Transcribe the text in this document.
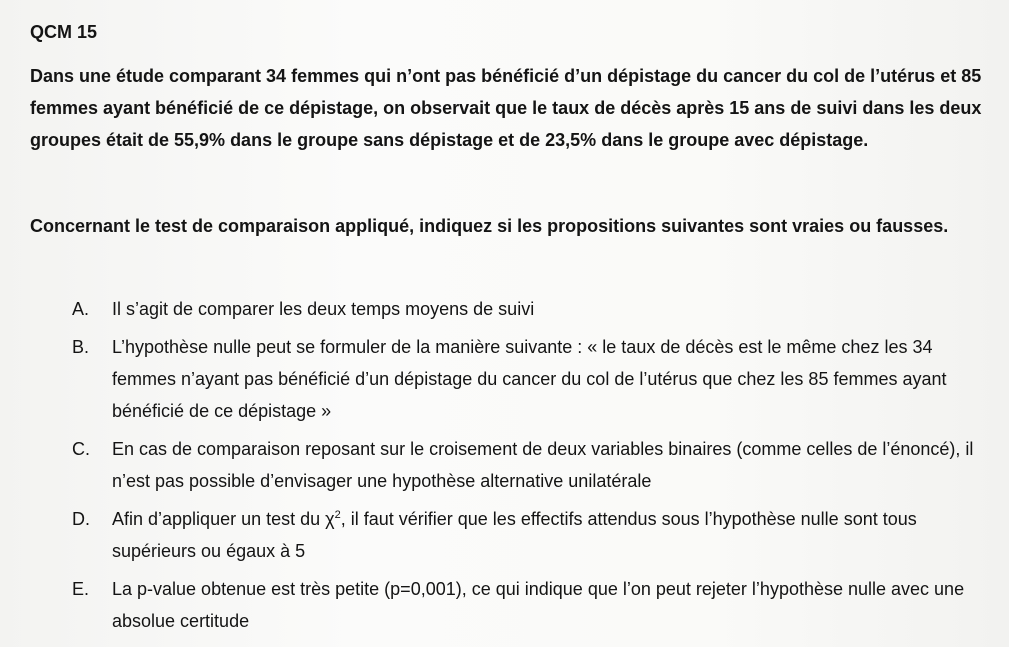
QCM 15

Dans une étude comparant 34 femmes qui n’ont pas bénéficié d’un dépistage du cancer du col de l’utérus et 85 femmes ayant bénéficié de ce dépistage, on observait que le taux de décès après 15 ans de suivi dans les deux groupes était de 55,9% dans le groupe sans dépistage et de 23,5% dans le groupe avec dépistage.

Concernant le test de comparaison appliqué, indiquez si les propositions suivantes sont vraies ou fausses.

A. Il s’agit de comparer les deux temps moyens de suivi
B. L’hypothèse nulle peut se formuler de la manière suivante : « le taux de décès est le même chez les 34 femmes n’ayant pas bénéficié d’un dépistage du cancer du col de l’utérus que chez les 85 femmes ayant bénéficié de ce dépistage »
C. En cas de comparaison reposant sur le croisement de deux variables binaires (comme celles de l’énoncé), il n’est pas possible d’envisager une hypothèse alternative unilatérale
D. Afin d’appliquer un test du $\chi^2$, il faut vérifier que les effectifs attendus sous l’hypothèse nulle sont tous supérieurs ou égaux à 5
E. La p-value obtenue est très petite (p=0,001), ce qui indique que l’on peut rejeter l’hypothèse nulle avec une absolue certitude
